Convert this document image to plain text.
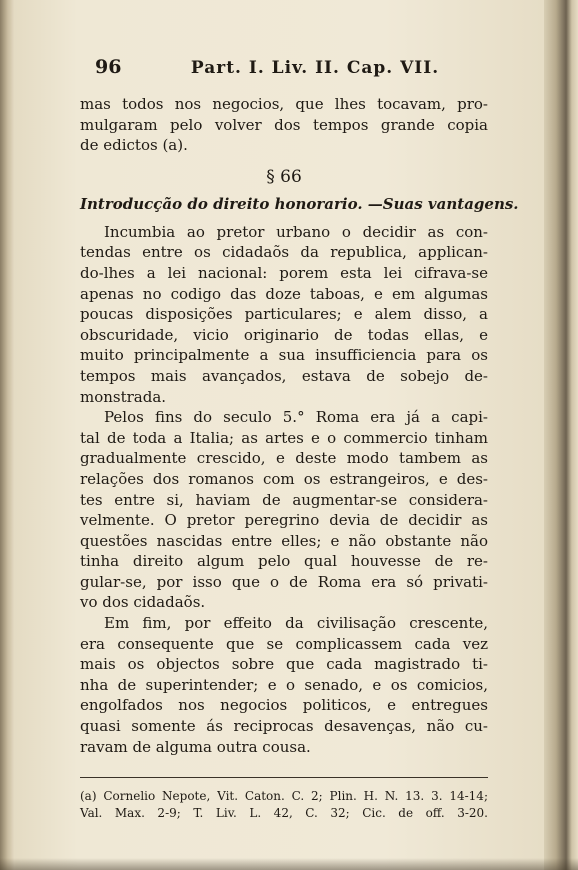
96	Part. I. Liv. II. Cap. VII.
mas todos nos negocios, que lhes tocavam, pro-
mulgaram pelo volver dos tempos grande copia
de edictos (a).
§ 66
Introducção do direito honorario. —Suas vantagens.
Incumbia ao pretor urbano o decidir as con-
tendas entre os cidadaõs da republica, applican-
do-lhes a lei nacional: porem esta lei cifrava-se
apenas no codigo das doze taboas, e em algumas
poucas disposições particulares; e alem disso, a
obscuridade, vicio originario de todas ellas, e
muito principalmente a sua insufficiencia para os
tempos mais avançados, estava de sobejo de-
monstrada.
Pelos fins do seculo 5.° Roma era já a capi-
tal de toda a Italia; as artes e o commercio tinham
gradualmente crescido, e deste modo tambem as
relações dos romanos com os estrangeiros, e des-
tes entre si, haviam de augmentar-se considera-
velmente. O pretor peregrino devia de decidir as
questões nascidas entre elles; e não obstante não
tinha direito algum pelo qual houvesse de re-
gular-se, por isso que o de Roma era só privati-
vo dos cidadaõs.
Em fim, por effeito da civilisação crescente,
era consequente que se complicassem cada vez
mais os objectos sobre que cada magistrado ti-
nha de superintender; e o senado, e os comicios,
engolfados nos negocios politicos, e entregues
quasi somente ás reciprocas desavenças, não cu-
ravam de alguma outra cousa.
(a) Cornelio Nepote, Vit. Caton. C. 2; Plin. H. N. 13. 3. 14-14;
Val. Max. 2-9; T. Liv. L. 42, C. 32; Cic. de off. 3-20.
